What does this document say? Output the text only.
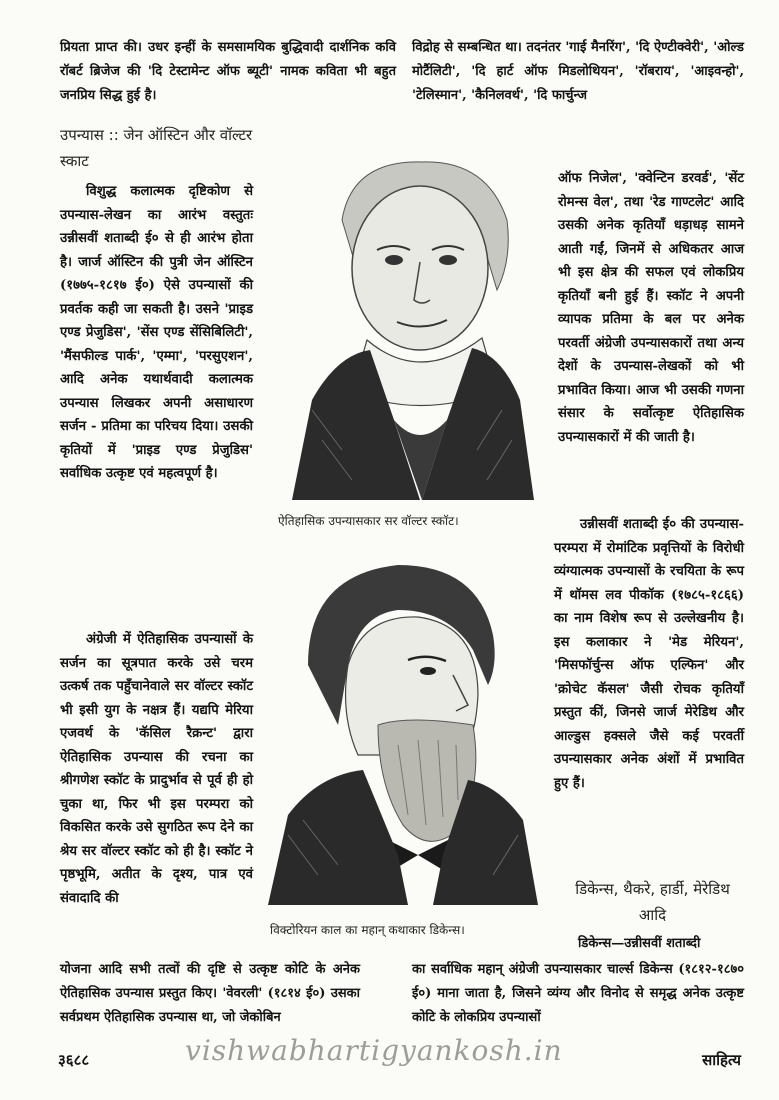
प्रियता प्राप्त की। उधर इन्हीं के समसामयिक बुद्धिवादी दार्शनिक कवि रॉबर्ट ब्रिजेज की 'दि टेस्टामेन्ट ऑफ ब्यूटी' नामक कविता भी बहुत जनप्रिय सिद्ध हुई है।
विद्रोह से सम्बन्धित था। तदनंतर 'गाई मैनरिंग', 'दि ऐण्टीक्वेरी', 'ओल्ड मोर्टैलिटी', 'दि हार्ट ऑफ मिडलोथियन', 'रॉबराय', 'आइवन्हो', 'टेलिस्मान', 'कैनिलवर्थ', 'दि फार्चुन्ज
उपन्यास :: जेन ऑस्टिन और वॉल्टर स्काट

विशुद्ध कलात्मक दृष्टिकोण से उपन्यास-लेखन का आरंभ वस्तुतः उन्नीसवीं शताब्दी ई० से ही आरंभ होता है। जार्ज ऑस्टिन की पुत्री जेन ऑस्टिन (१७७५-१८१७ ई०) ऐसे उपन्यासों की प्रवर्तक कही जा सकती है। उसने 'प्राइड एण्ड प्रेजुडिस', 'सेंस एण्ड सेंसिबिलिटी', 'मैंसफील्ड पार्क', 'एम्मा', 'परसुएशन', आदि अनेक यथार्थवादी कलात्मक उपन्यास लिखकर अपनी असाधारण सर्जन - प्रतिमा का परिचय दिया। उसकी कृतियों में 'प्राइड एण्ड प्रेजुडिस' सर्वाधिक उत्कृष्ट एवं महत्वपूर्ण है।

अंग्रेजी में ऐतिहासिक उपन्यासों के सर्जन का सूत्रपात करके उसे चरम उत्कर्ष तक पहुँचानेवाले सर वॉल्टर स्कॉट भी इसी युग के नक्षत्र हैं। यद्यपि मेरिया एजवर्थ के 'कॅसिल रैक्रन्ट' द्वारा ऐतिहासिक उपन्यास की रचना का श्रीगणेश स्कॉट के प्रादुर्भाव से पूर्व ही हो चुका था, फिर भी इस परम्परा को विकसित करके उसे सुगठित रूप देने का श्रेय सर वॉल्टर स्कॉट को ही है। स्कॉट ने पृष्ठभूमि, अतीत के दृश्य, पात्र एवं संवादादि की
ऑफ निजेल', 'क्वेन्टिन डरवर्ड', 'सेंट रोमन्स वेल', तथा 'रेड गाण्टलेट' आदि उसकी अनेक कृतियाँ धड़ाधड़ सामने आती गईं, जिनमें से अधिकतर आज भी इस क्षेत्र की सफल एवं लोकप्रिय कृतियाँ बनी हुई हैं। स्कॉट ने अपनी व्यापक प्रतिमा के बल पर अनेक परवर्ती अंग्रेजी उपन्यासकारों तथा अन्य देशों के उपन्यास-लेखकों को भी प्रभावित किया। आज भी उसकी गणना संसार के सर्वोत्कृष्ट ऐतिहासिक उपन्यासकारों में की जाती है।
उन्नीसवीं शताब्दी ई० की उपन्यास-परम्परा में रोमांटिक प्रवृत्तियों के विरोधी व्यंग्यात्मक उपन्यासों के रचयिता के रूप में थॉमस लव पीकॉक (१७८५-१८६६) का नाम विशेष रूप से उल्लेखनीय है। इस कलाकार ने 'मेड मेरियन', 'मिसफॉर्चुन्स ऑफ एल्फिन' और 'क्रोचेट कॅसल' जैसी रोचक कृतियाँ प्रस्तुत कीं, जिनसे जार्ज मेरेडिथ और आल्डुस हक्सले जैसे कई परवर्ती उपन्यासकार अनेक अंशों में प्रभावित हुए हैं।
डिकेन्स, थैकरे, हार्डी, मेरेडिथ आदि
डिकेन्स—उन्नीसवीं शताब्दी
योजना आदि सभी तत्वों की दृष्टि से उत्कृष्ट कोटि के अनेक ऐतिहासिक उपन्यास प्रस्तुत किए। 'वेवरली' (१८१४ ई०) उसका सर्वप्रथम ऐतिहासिक उपन्यास था, जो जेकोबिन
का सर्वाधिक महान् अंग्रेजी उपन्यासकार चार्ल्स डिकेन्स (१८१२-१८७० ई०) माना जाता है, जिसने व्यंग्य और विनोद से समृद्ध अनेक उत्कृष्ट कोटि के लोकप्रिय उपन्यासों
ऐतिहासिक उपन्यासकार सर वॉल्टर स्कॉट।
विक्टोरियन काल का महान् कथाकार डिकेन्स।
३६८८	vishwabhartigyankosh.in	साहित्य
